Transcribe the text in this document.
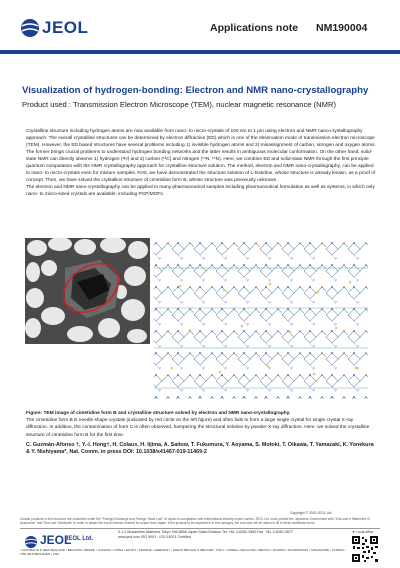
JEOL	Applications note NM190004
Visualization of hydrogen-bonding: Electron and NMR nano-crystallography
Product used : Transmission Electron Microscope (TEM), nuclear magnetic resonance (NMR)

Crystalline structure including hydrogen atoms are now available from nano- to micro-crystals of 100 nm to 1 μm using electron and NMR nano-crystallography approach. The overall crystalline structures can be determined by electron diffraction (ED) which is one of the observation mode of transmission electron microscope (TEM). However, the ED based structures have several problems including 1) invisible hydrogen atoms and 2) misassignment of carbon, nitrogen and oxygen atoms. The former brings crucial problems to understand hydrogen bonding networks and the latter results in ambiguous molecular conformation. On the other hand, solid-state NMR can directly observe 1) hydrogen (¹H) and 2) carbon (¹³C) and nitrogen (¹⁴N, ¹⁵N). Here, we combine ED and solid-state NMR through the first principle quantum computation with the NMR crystallography approach for crystalline structure solution. The method, electron and NMR nano-crystallography, can be applied to nano- to micro-crystals even for mixture samples. First, we have demonstrated the structure solution of L-histidine, whose structure is already known, as a proof of concept. Then, we have solved the crystalline structure of cimetidine form B, whose structure was previously unknown.

The electron and NMR nano-crystallography can be applied to many pharmaceutical samples including pharmaceutical formulation as well as systems, in which only nano- to micro-sized crystals are available, including PCP/MOFs.

Figure: TEM image of cimetidine form B and crystalline structure solved by electron and NMR nano-crystallography.
The cimetidine form B is needle shape crystals (indicated by red circle on the left figure) and often fails to form a large single crystal for single crystal X-ray diffraction. In addition, the contamination of form C is often observed, hampering the structural solution by powder X-ray diffraction. Here, we solved the crystalline structure of cimetidine form B for the first time.
C. Guzmán-Afonso †, Y.-l. Hong†, H. Colaux, H. Iijima, A. Saitow, T. Fukumura, Y. Aoyama, S. Motoki, T. Oikawa, T. Yamazaki, K. Yonekura & Y. Nishiyama*, Nat. Comm. in press DOI: 10.1038/s41467-019-11469-2
Copyright © 2019 JEOL Ltd.
Certain products in this brochure are controlled under the "Foreign Exchange and Foreign Trade Law" of Japan in compliance with international security export control. JEOL Ltd. must provide the Japanese Government with "End-user's Statement of Assurance" and "End-use Certificate" in order to obtain the export license needed for export from Japan. If the product to be exported is in this category, the end user will be asked to fill in these certificate forms.
JEOL
JEOL Ltd.
3-1-2 Musashino Akishima Tokyo 196-8558 Japan Sales Division Tel. +81-3-6262-3560 Fax. +81-3-6262-3577
www.jeol.com ISO 9001 · ISO 14001 Certified
• AUSTRALIA & NEW ZEALAND • BELGIUM • BRAZIL • CANADA • CHINA • EGYPT • FRANCE • GERMANY • GREAT BRITAIN & IRELAND • ITALY • KOREA • MALAYSIA • MEXICO • RUSSIA • SCANDINAVIA • SINGAPORE • TAIWAN • THE NETHERLANDS • USA
▼ Local office
